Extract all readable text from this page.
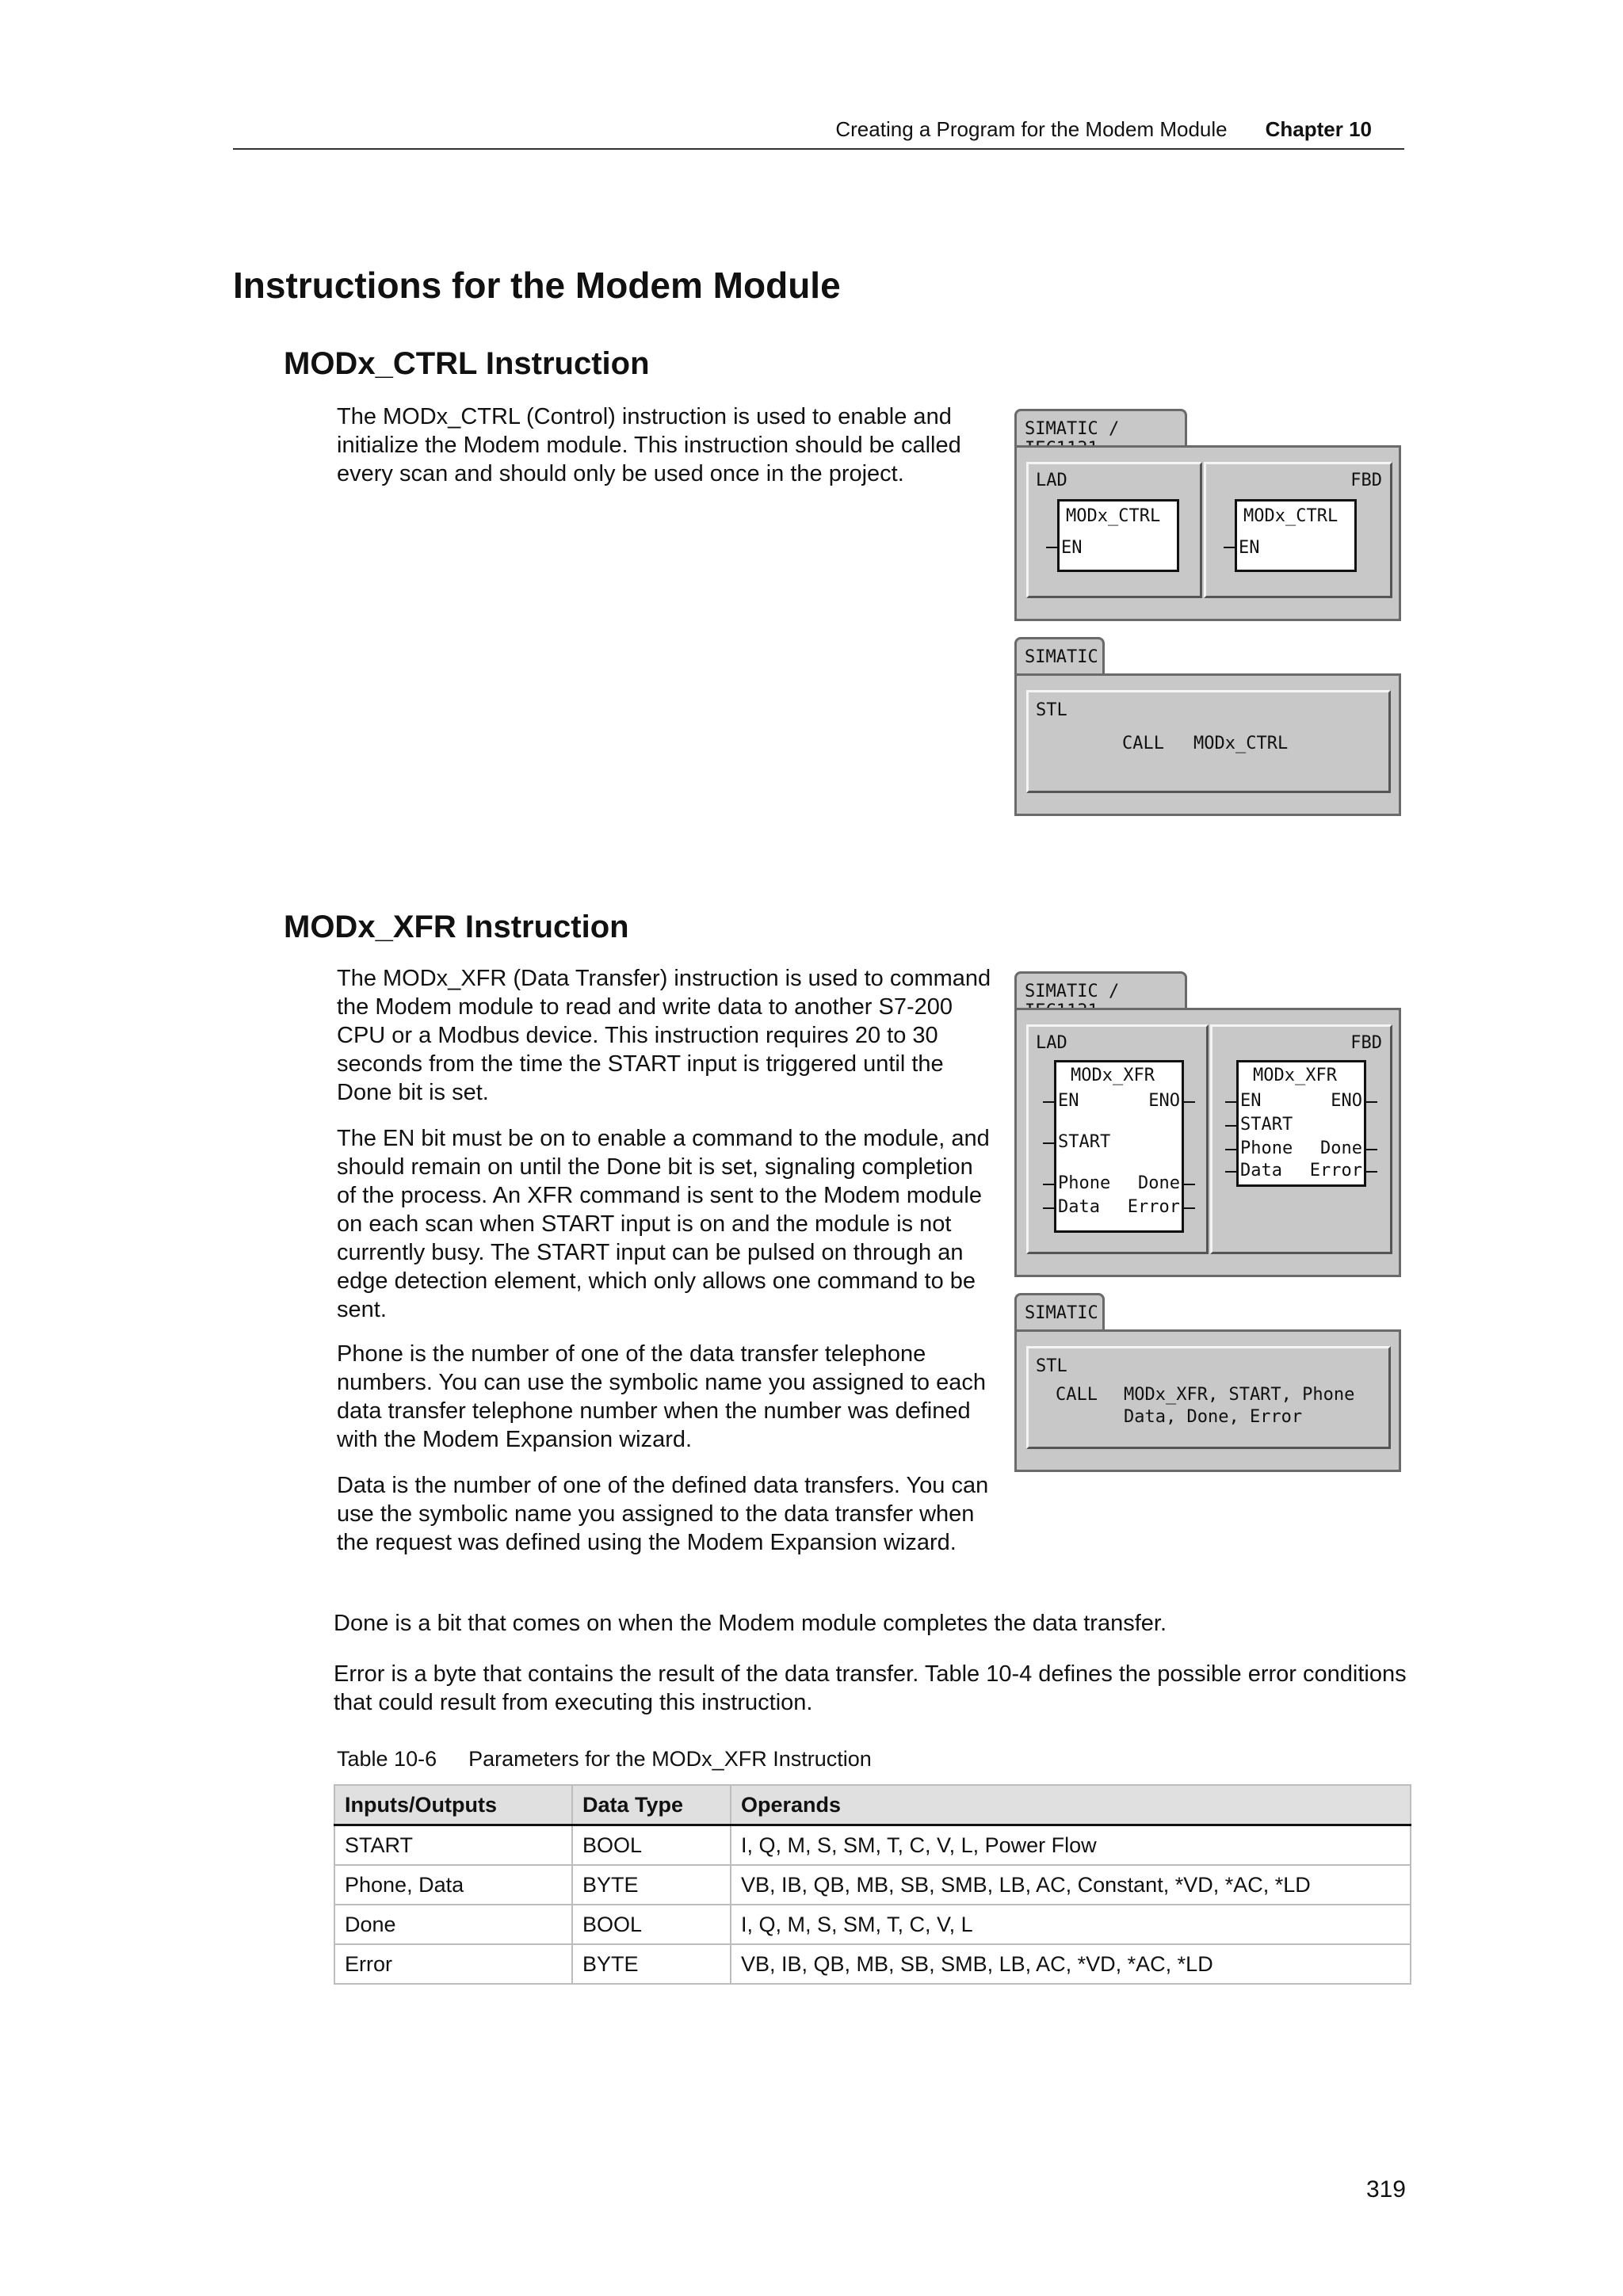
Creating a Program for the Modem Module Chapter 10
Instructions for the Modem Module
MODx_CTRL Instruction

The MODx_CTRL (Control) instruction is used to enable and initialize the Modem module. This instruction should be called every scan and should only be used once in the project.

SIMATIC /
LAD
MODx_CTRL
EN
FBD
MODx_CTRL
EN
SIMATIC
STL
CALL MODx_CTRL
MODx_XFR Instruction

The MODx_XFR (Data Transfer) instruction is used to command the Modem module to read and write data to another S7-200 CPU or a Modbus device. This instruction requires 20 to 30 seconds from the time the START input is triggered until the Done bit is set.

The EN bit must be on to enable a command to the module, and should remain on until the Done bit is set, signaling completion of the process. An XFR command is sent to the Modem module on each scan when START input is on and the module is not currently busy. The START input can be pulsed on through an edge detection element, which only allows one command to be sent.

Phone is the number of one of the data transfer telephone numbers. You can use the symbolic name you assigned to each data transfer telephone number when the number was defined with the Modem Expansion wizard.

Data is the number of one of the defined data transfers. You can use the symbolic name you assigned to the data transfer when the request was defined using the Modem Expansion wizard.

SIMATIC /
LAD
MODx_XFR
EN	ENO
START
Phone Done
Data Error
FBD
MODx_XFR
EN	ENO
START
Phone Done
Data Error
SIMATIC
STL
CALL MODx_XFR, START, Phone
Data, Done, Error

Done is a bit that comes on when the Modem module completes the data transfer.

Error is a byte that contains the result of the data transfer. Table 10-4 defines the possible error conditions that could result from executing this instruction.

Table 10-6 Parameters for the MODx_XFR Instruction
Inputs/Outputs	Data Type	Operands
START	BOOL	I, Q, M, S, SM, T, C, V, L, Power Flow
Phone, Data	BYTE	VB, IB, QB, MB, SB, SMB, LB, AC, Constant, *VD, *AC, *LD
Done	BOOL	I, Q, M, S, SM, T, C, V, L
Error	BYTE	VB, IB, QB, MB, SB, SMB, LB, AC, *VD, *AC, *LD
319
